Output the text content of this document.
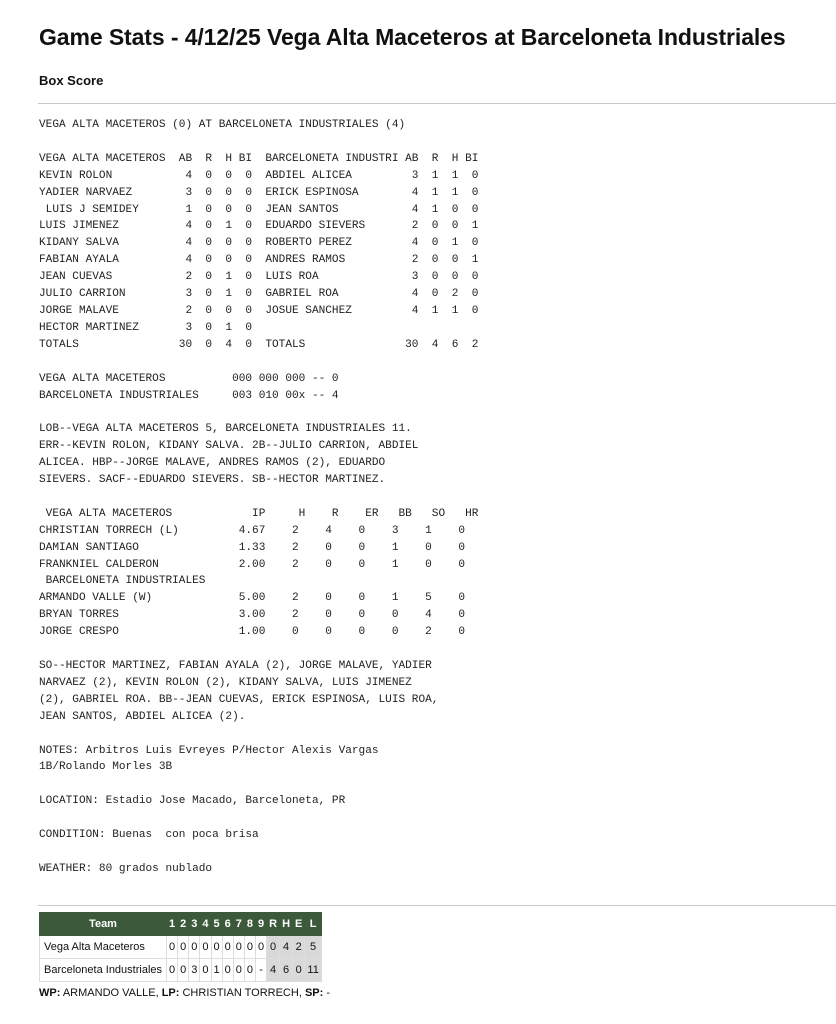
Game Stats - 4/12/25 Vega Alta Maceteros at Barceloneta Industriales
Box Score
VEGA ALTA MACETEROS (0) AT BARCELONETA INDUSTRIALES (4)

VEGA ALTA MACETEROS  AB  R  H BI  BARCELONETA INDUSTRI AB  R  H BI
KEVIN ROLON           4  0  0  0  ABDIEL ALICEA         3  1  1  0
YADIER NARVAEZ        3  0  0  0  ERICK ESPINOSA        4  1  1  0
LUIS J SEMIDEY       1  0  0  0  JEAN SANTOS           4  1  0  0
LUIS JIMENEZ          4  0  1  0  EDUARDO SIEVERS       2  0  0  1
KIDANY SALVA          4  0  0  0  ROBERTO PEREZ         4  0  1  0
FABIAN AYALA          4  0  0  0  ANDRES RAMOS          2  0  0  1
JEAN CUEVAS           2  0  1  0  LUIS ROA              3  0  0  0
JULIO CARRION         3  0  1  0  GABRIEL ROA           4  0  2  0
JORGE MALAVE          2  0  0  0  JOSUE SANCHEZ         4  1  1  0
HECTOR MARTINEZ       3  0  1  0
TOTALS               30  0  4  0  TOTALS               30  4  6  2

VEGA ALTA MACETEROS          000 000 000 -- 0
BARCELONETA INDUSTRIALES     003 010 00x -- 4

LOB--VEGA ALTA MACETEROS 5, BARCELONETA INDUSTRIALES 11.
ERR--KEVIN ROLON, KIDANY SALVA. 2B--JULIO CARRION, ABDIEL
ALICEA. HBP--JORGE MALAVE, ANDRES RAMOS (2), EDUARDO
SIEVERS. SACF--EDUARDO SIEVERS. SB--HECTOR MARTINEZ.

VEGA ALTA MACETEROS            IP     H    R    ER   BB   SO   HR
CHRISTIAN TORRECH (L)         4.67    2    4    0    3    1    0
DAMIAN SANTIAGO               1.33    2    0    0    1    0    0
FRANKNIEL CALDERON            2.00    2    0    0    1    0    0
BARCELONETA INDUSTRIALES
ARMANDO VALLE (W)             5.00    2    0    0    1    5    0
BRYAN TORRES                  3.00    2    0    0    0    4    0
JORGE CRESPO                  1.00    0    0    0    0    2    0

SO--HECTOR MARTINEZ, FABIAN AYALA (2), JORGE MALAVE, YADIER
NARVAEZ (2), KEVIN ROLON (2), KIDANY SALVA, LUIS JIMENEZ
(2), GABRIEL ROA. BB--JEAN CUEVAS, ERICK ESPINOSA, LUIS ROA,
JEAN SANTOS, ABDIEL ALICEA (2).

NOTES: Arbitros Luis Evreyes P/Hector Alexis Vargas
1B/Rolando Morles 3B

LOCATION: Estadio Jose Macado, Barceloneta, PR

CONDITION: Buenas  con poca brisa

WEATHER: 80 grados nublado
Team	1	2	3	4	5	6	7	8	9	R	H	E	L
Vega Alta Maceteros	0	0	0	0	0	0	0	0	0	0	4	2	5
Barceloneta Industriales	0	0	3	0	1	0	0	0	-	4	6	0	11
WP: ARMANDO VALLE, LP: CHRISTIAN TORRECH, SP: -
